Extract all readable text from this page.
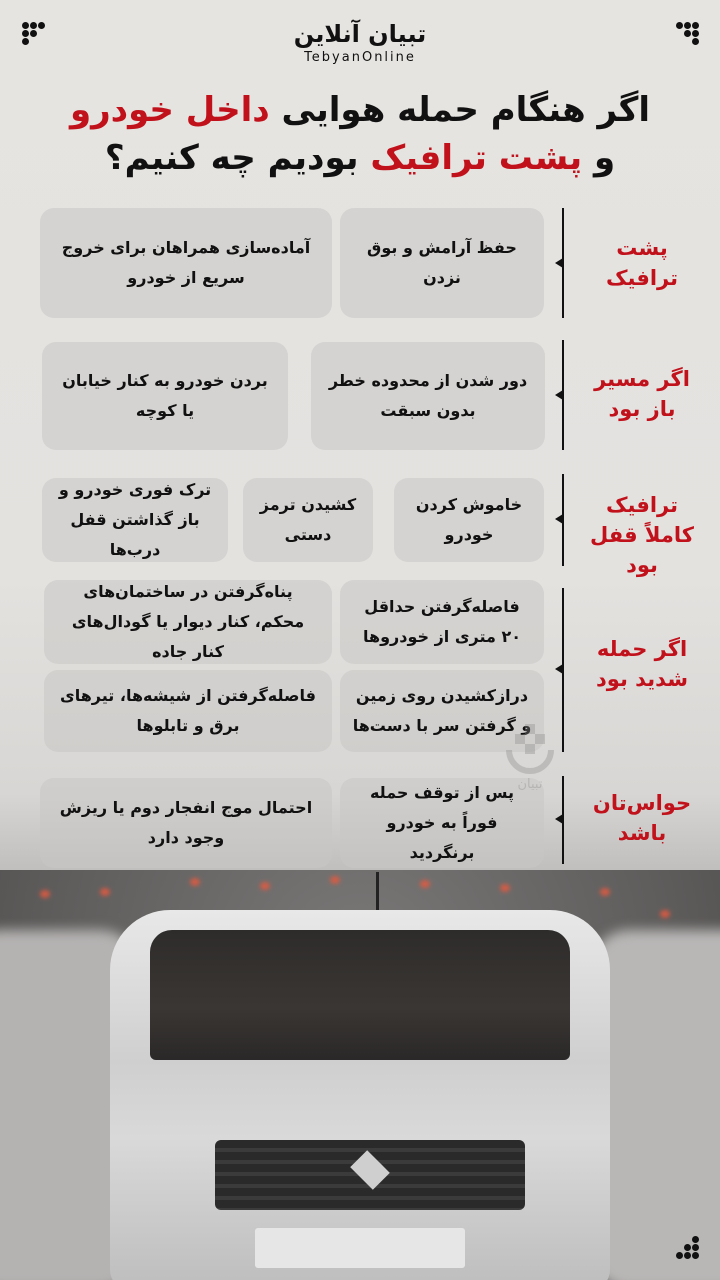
تبیان آنلاین
TebyanOnline
اگر هنگام حمله هوایی داخل خودرو
و پشت ترافیک بودیم چه کنیم؟
پشت ترافیک
حفظ آرامش و بوق نزدن
آماده‌سازی همراهان برای خروج سریع از خودرو
اگر مسیر باز بود
دور شدن از محدوده خطر بدون سبقت
بردن خودرو به کنار خیابان یا کوچه
ترافیک کاملاً قفل بود
خاموش کردن خودرو
کشیدن ترمز دستی
ترک فوری خودرو و باز گذاشتن قفل درب‌ها
اگر حمله شدید بود
فاصله‌گرفتن حداقل ۲۰ متری از خودروها
پناه‌گرفتن در ساختمان‌های محکم، کنار دیوار یا گودال‌های کنار جاده
درازکشیدن روی زمین و گرفتن سر با دست‌ها
فاصله‌گرفتن از شیشه‌ها، تیرهای برق و تابلوها
حواس‌تان باشد
پس از توقف حمله فوراً به خودرو برنگردید
احتمال موج انفجار دوم یا ریزش وجود دارد
تبیان
